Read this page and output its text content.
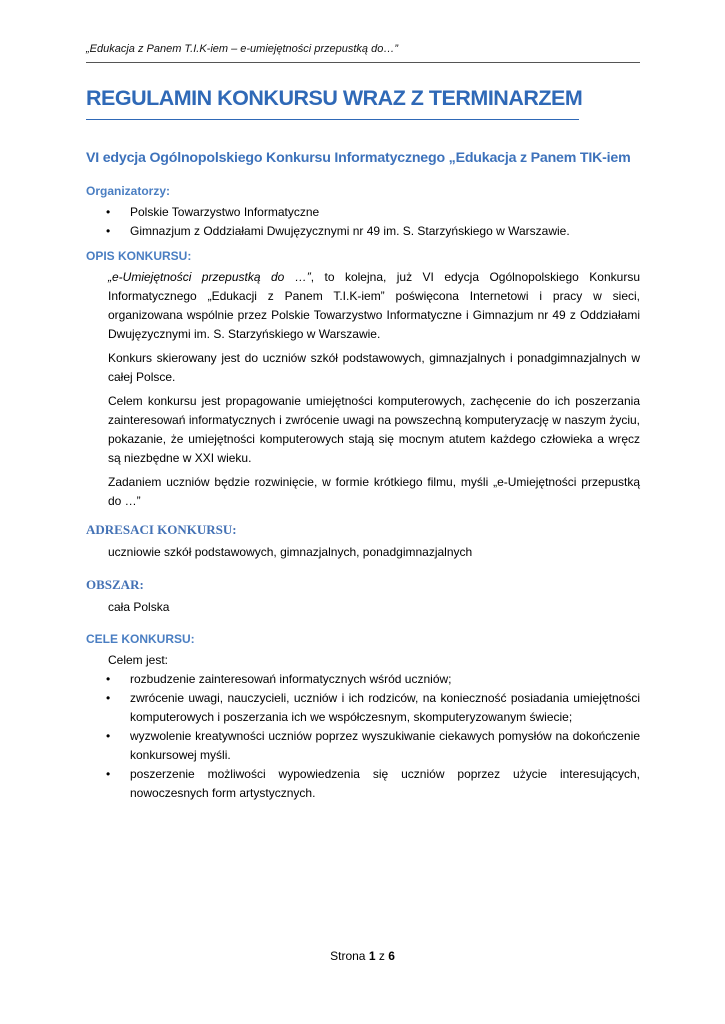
„Edukacja z Panem T.I.K-iem – e-umiejętności przepustką do…”
REGULAMIN KONKURSU WRAZ Z TERMINARZEM
VI edycja Ogólnopolskiego Konkursu Informatycznego „Edukacja z Panem TIK-iem
Organizatorzy:
• Polskie Towarzystwo Informatyczne
• Gimnazjum z Oddziałami Dwujęzycznymi nr 49 im. S. Starzyńskiego w Warszawie.
OPIS KONKURSU:

„e-Umiejętności przepustką do …”, to kolejna, już VI edycja Ogólnopolskiego Konkursu Informatycznego „Edukacji z Panem T.I.K-iem” poświęcona Internetowi i pracy w sieci, organizowana wspólnie przez Polskie Towarzystwo Informatyczne i Gimnazjum nr 49 z Oddziałami Dwujęzycznymi im. S. Starzyńskiego w Warszawie.

Konkurs skierowany jest do uczniów szkół podstawowych, gimnazjalnych i ponadgimnazjalnych w całej Polsce.

Celem konkursu jest propagowanie umiejętności komputerowych, zachęcenie do ich poszerzania zainteresowań informatycznych i zwrócenie uwagi na powszechną komputeryzację w naszym życiu, pokazanie, że umiejętności komputerowych stają się mocnym atutem każdego człowieka a wręcz są niezbędne w XXI wieku.

Zadaniem uczniów będzie rozwinięcie, w formie krótkiego filmu, myśli „e-Umiejętności przepustką do …”

ADRESACI KONKURSU:

uczniowie szkół podstawowych, gimnazjalnych, ponadgimnazjalnych

OBSZAR:

cała Polska

CELE KONKURSU:

Celem jest:

• rozbudzenie zainteresowań informatycznych wśród uczniów;
• zwrócenie uwagi, nauczycieli, uczniów i ich rodziców, na konieczność posiadania umiejętności komputerowych i poszerzania ich we współczesnym, skomputeryzowanym świecie;
• wyzwolenie kreatywności uczniów poprzez wyszukiwanie ciekawych pomysłów na dokończenie konkursowej myśli.
• poszerzenie możliwości wypowiedzenia się uczniów poprzez użycie interesujących, nowoczesnych form artystycznych.
Strona 1 z 6
